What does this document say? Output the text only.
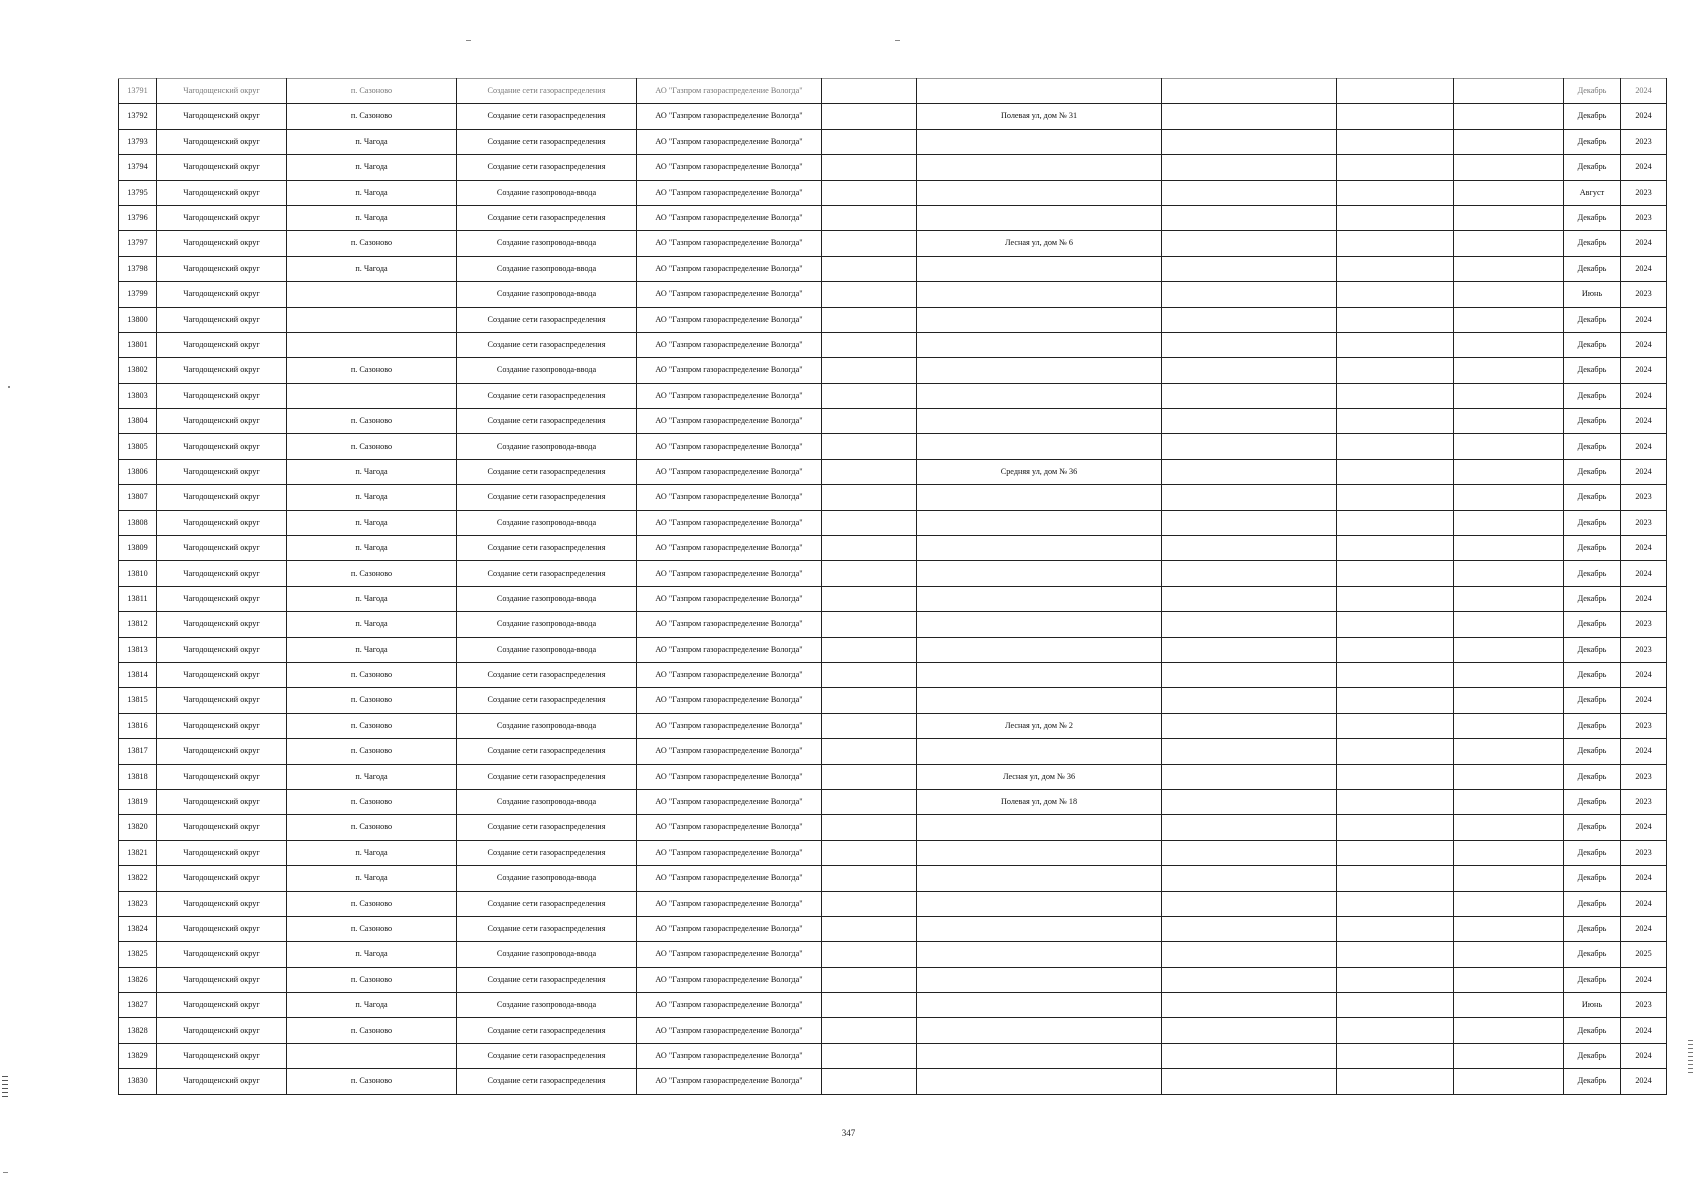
13791	Чагодощенский округ	п. Сазоново	Создание сети газораспределения	АО "Газпром газораспределение Вологда"						Декабрь	2024
13792	Чагодощенский округ	п. Сазоново	Создание сети газораспределения	АО "Газпром газораспределение Вологда"		Полевая ул, дом № 31				Декабрь	2024
13793	Чагодощенский округ	п. Чагода	Создание сети газораспределения	АО "Газпром газораспределение Вологда"						Декабрь	2023
13794	Чагодощенский округ	п. Чагода	Создание сети газораспределения	АО "Газпром газораспределение Вологда"						Декабрь	2024
13795	Чагодощенский округ	п. Чагода	Создание газопровода-ввода	АО "Газпром газораспределение Вологда"						Август	2023
13796	Чагодощенский округ	п. Чагода	Создание сети газораспределения	АО "Газпром газораспределение Вологда"						Декабрь	2023
13797	Чагодощенский округ	п. Сазоново	Создание газопровода-ввода	АО "Газпром газораспределение Вологда"		Лесная ул, дом № 6				Декабрь	2024
13798	Чагодощенский округ	п. Чагода	Создание газопровода-ввода	АО "Газпром газораспределение Вологда"						Декабрь	2024
13799	Чагодощенский округ		Создание газопровода-ввода	АО "Газпром газораспределение Вологда"						Июнь	2023
13800	Чагодощенский округ		Создание сети газораспределения	АО "Газпром газораспределение Вологда"						Декабрь	2024
13801	Чагодощенский округ		Создание сети газораспределения	АО "Газпром газораспределение Вологда"						Декабрь	2024
13802	Чагодощенский округ	п. Сазоново	Создание газопровода-ввода	АО "Газпром газораспределение Вологда"						Декабрь	2024
13803	Чагодощенский округ		Создание сети газораспределения	АО "Газпром газораспределение Вологда"						Декабрь	2024
13804	Чагодощенский округ	п. Сазоново	Создание сети газораспределения	АО "Газпром газораспределение Вологда"						Декабрь	2024
13805	Чагодощенский округ	п. Сазоново	Создание газопровода-ввода	АО "Газпром газораспределение Вологда"						Декабрь	2024
13806	Чагодощенский округ	п. Чагода	Создание сети газораспределения	АО "Газпром газораспределение Вологда"		Средняя ул, дом № 36				Декабрь	2024
13807	Чагодощенский округ	п. Чагода	Создание сети газораспределения	АО "Газпром газораспределение Вологда"						Декабрь	2023
13808	Чагодощенский округ	п. Чагода	Создание газопровода-ввода	АО "Газпром газораспределение Вологда"						Декабрь	2023
13809	Чагодощенский округ	п. Чагода	Создание сети газораспределения	АО "Газпром газораспределение Вологда"						Декабрь	2024
13810	Чагодощенский округ	п. Сазоново	Создание сети газораспределения	АО "Газпром газораспределение Вологда"						Декабрь	2024
13811	Чагодощенский округ	п. Чагода	Создание газопровода-ввода	АО "Газпром газораспределение Вологда"						Декабрь	2024
13812	Чагодощенский округ	п. Чагода	Создание газопровода-ввода	АО "Газпром газораспределение Вологда"						Декабрь	2023
13813	Чагодощенский округ	п. Чагода	Создание газопровода-ввода	АО "Газпром газораспределение Вологда"						Декабрь	2023
13814	Чагодощенский округ	п. Сазоново	Создание сети газораспределения	АО "Газпром газораспределение Вологда"						Декабрь	2024
13815	Чагодощенский округ	п. Сазоново	Создание сети газораспределения	АО "Газпром газораспределение Вологда"						Декабрь	2024
13816	Чагодощенский округ	п. Сазоново	Создание газопровода-ввода	АО "Газпром газораспределение Вологда"		Лесная ул, дом № 2				Декабрь	2023
13817	Чагодощенский округ	п. Сазоново	Создание сети газораспределения	АО "Газпром газораспределение Вологда"						Декабрь	2024
13818	Чагодощенский округ	п. Чагода	Создание сети газораспределения	АО "Газпром газораспределение Вологда"		Лесная ул, дом № 36				Декабрь	2023
13819	Чагодощенский округ	п. Сазоново	Создание газопровода-ввода	АО "Газпром газораспределение Вологда"		Полевая ул, дом № 18				Декабрь	2023
13820	Чагодощенский округ	п. Сазоново	Создание сети газораспределения	АО "Газпром газораспределение Вологда"						Декабрь	2024
13821	Чагодощенский округ	п. Чагода	Создание сети газораспределения	АО "Газпром газораспределение Вологда"						Декабрь	2023
13822	Чагодощенский округ	п. Чагода	Создание газопровода-ввода	АО "Газпром газораспределение Вологда"						Декабрь	2024
13823	Чагодощенский округ	п. Сазоново	Создание сети газораспределения	АО "Газпром газораспределение Вологда"						Декабрь	2024
13824	Чагодощенский округ	п. Сазоново	Создание сети газораспределения	АО "Газпром газораспределение Вологда"						Декабрь	2024
13825	Чагодощенский округ	п. Чагода	Создание газопровода-ввода	АО "Газпром газораспределение Вологда"						Декабрь	2025
13826	Чагодощенский округ	п. Сазоново	Создание сети газораспределения	АО "Газпром газораспределение Вологда"						Декабрь	2024
13827	Чагодощенский округ	п. Чагода	Создание газопровода-ввода	АО "Газпром газораспределение Вологда"						Июнь	2023
13828	Чагодощенский округ	п. Сазоново	Создание сети газораспределения	АО "Газпром газораспределение Вологда"						Декабрь	2024
13829	Чагодощенский округ		Создание сети газораспределения	АО "Газпром газораспределение Вологда"						Декабрь	2024
13830	Чагодощенский округ	п. Сазоново	Создание сети газораспределения	АО "Газпром газораспределение Вологда"						Декабрь	2024
347
